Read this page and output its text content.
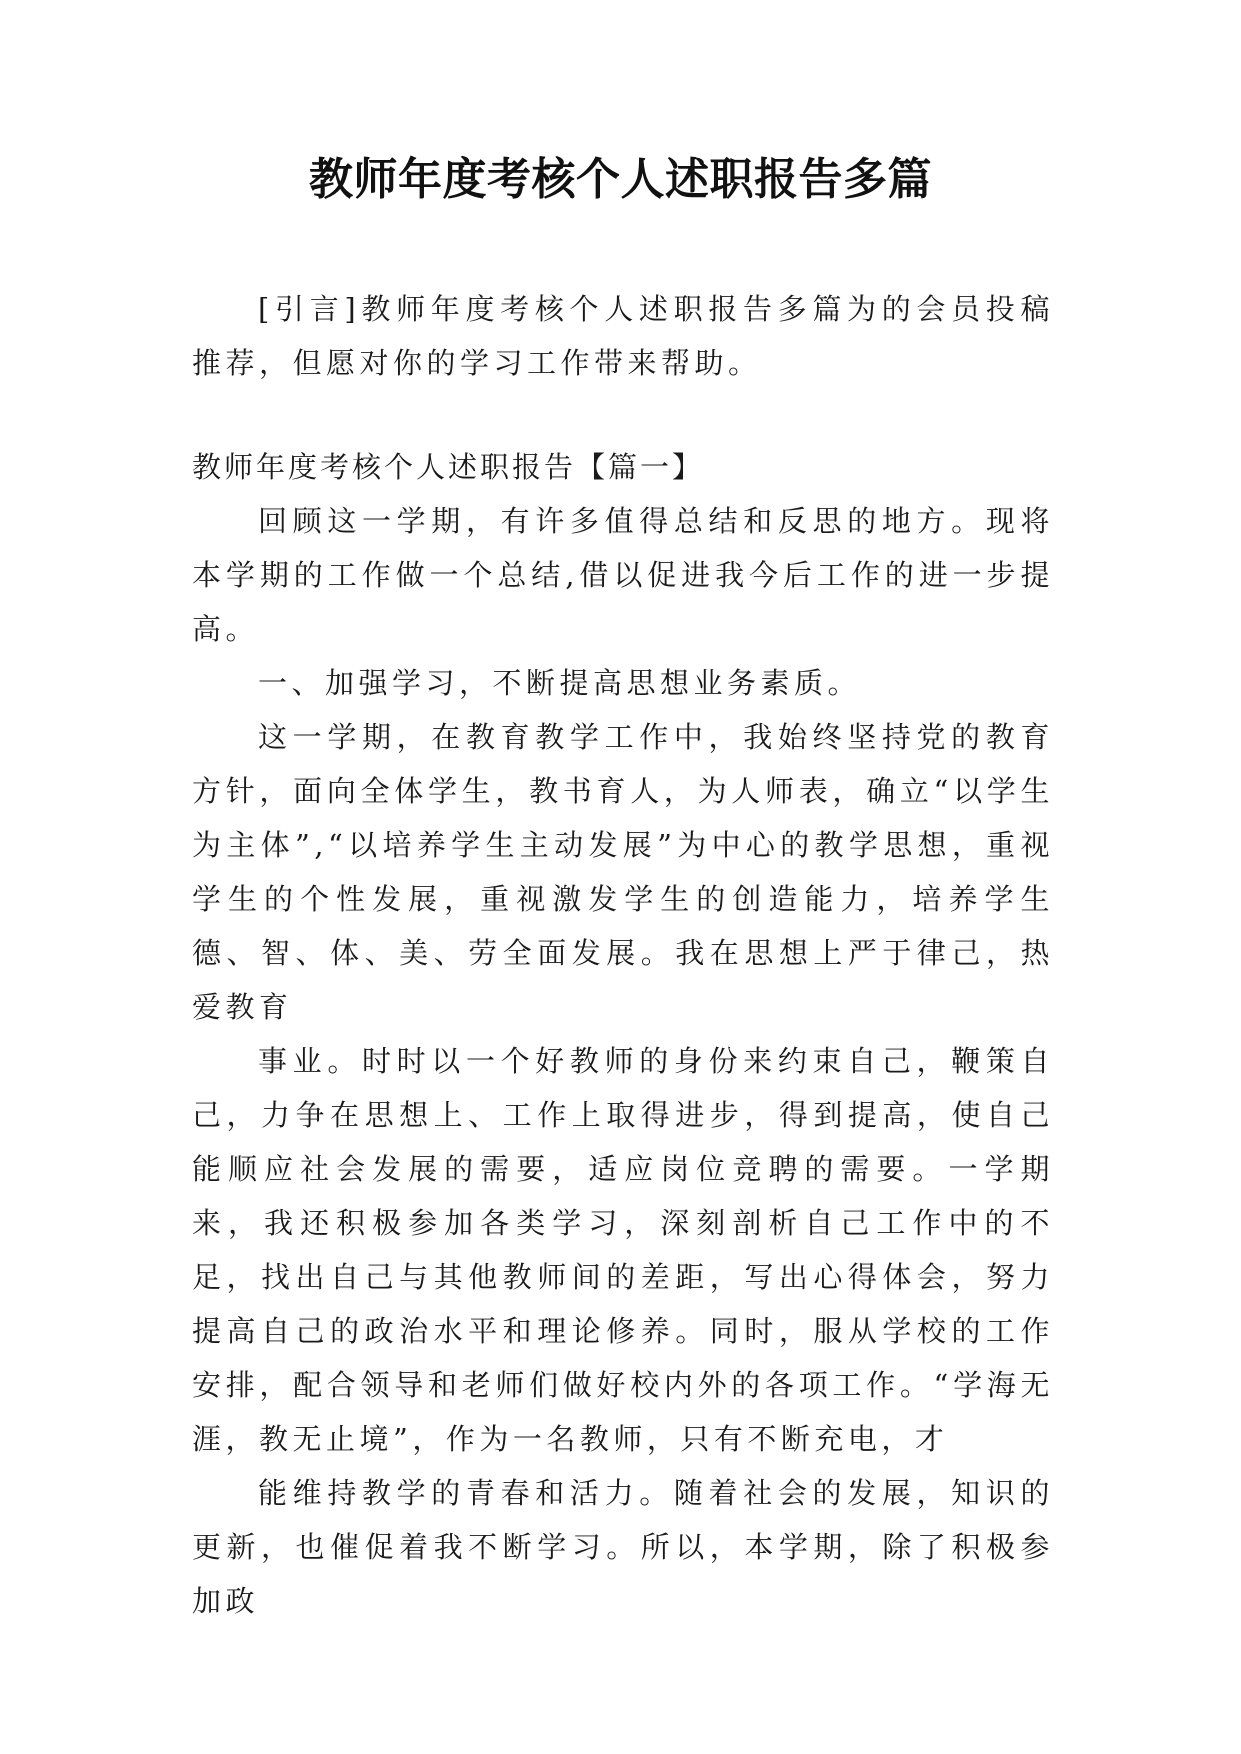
教师年度考核个人述职报告多篇

[引言]教师年度考核个人述职报告多篇为的会员投稿推荐，但愿对你的学习工作带来帮助。

教师年度考核个人述职报告【篇一】

回顾这一学期，有许多值得总结和反思的地方。现将本学期的工作做一个总结,借以促进我今后工作的进一步提高。

一、加强学习，不断提高思想业务素质。

这一学期，在教育教学工作中，我始终坚持党的教育方针，面向全体学生，教书育人，为人师表，确立“以学生为主体”,“以培养学生主动发展”为中心的教学思想，重视学生的个性发展，重视激发学生的创造能力，培养学生德、智、体、美、劳全面发展。我在思想上严于律己，热爱教育

事业。时时以一个好教师的身份来约束自己，鞭策自己，力争在思想上、工作上取得进步，得到提高，使自己能顺应社会发展的需要，适应岗位竞聘的需要。一学期来，我还积极参加各类学习，深刻剖析自己工作中的不足，找出自己与其他教师间的差距，写出心得体会，努力提高自己的政治水平和理论修养。同时，服从学校的工作安排，配合领导和老师们做好校内外的各项工作。“学海无涯，教无止境”，作为一名教师，只有不断充电，才

能维持教学的青春和活力。随着社会的发展，知识的更新，也催促着我不断学习。所以，本学期，除了积极参加政
